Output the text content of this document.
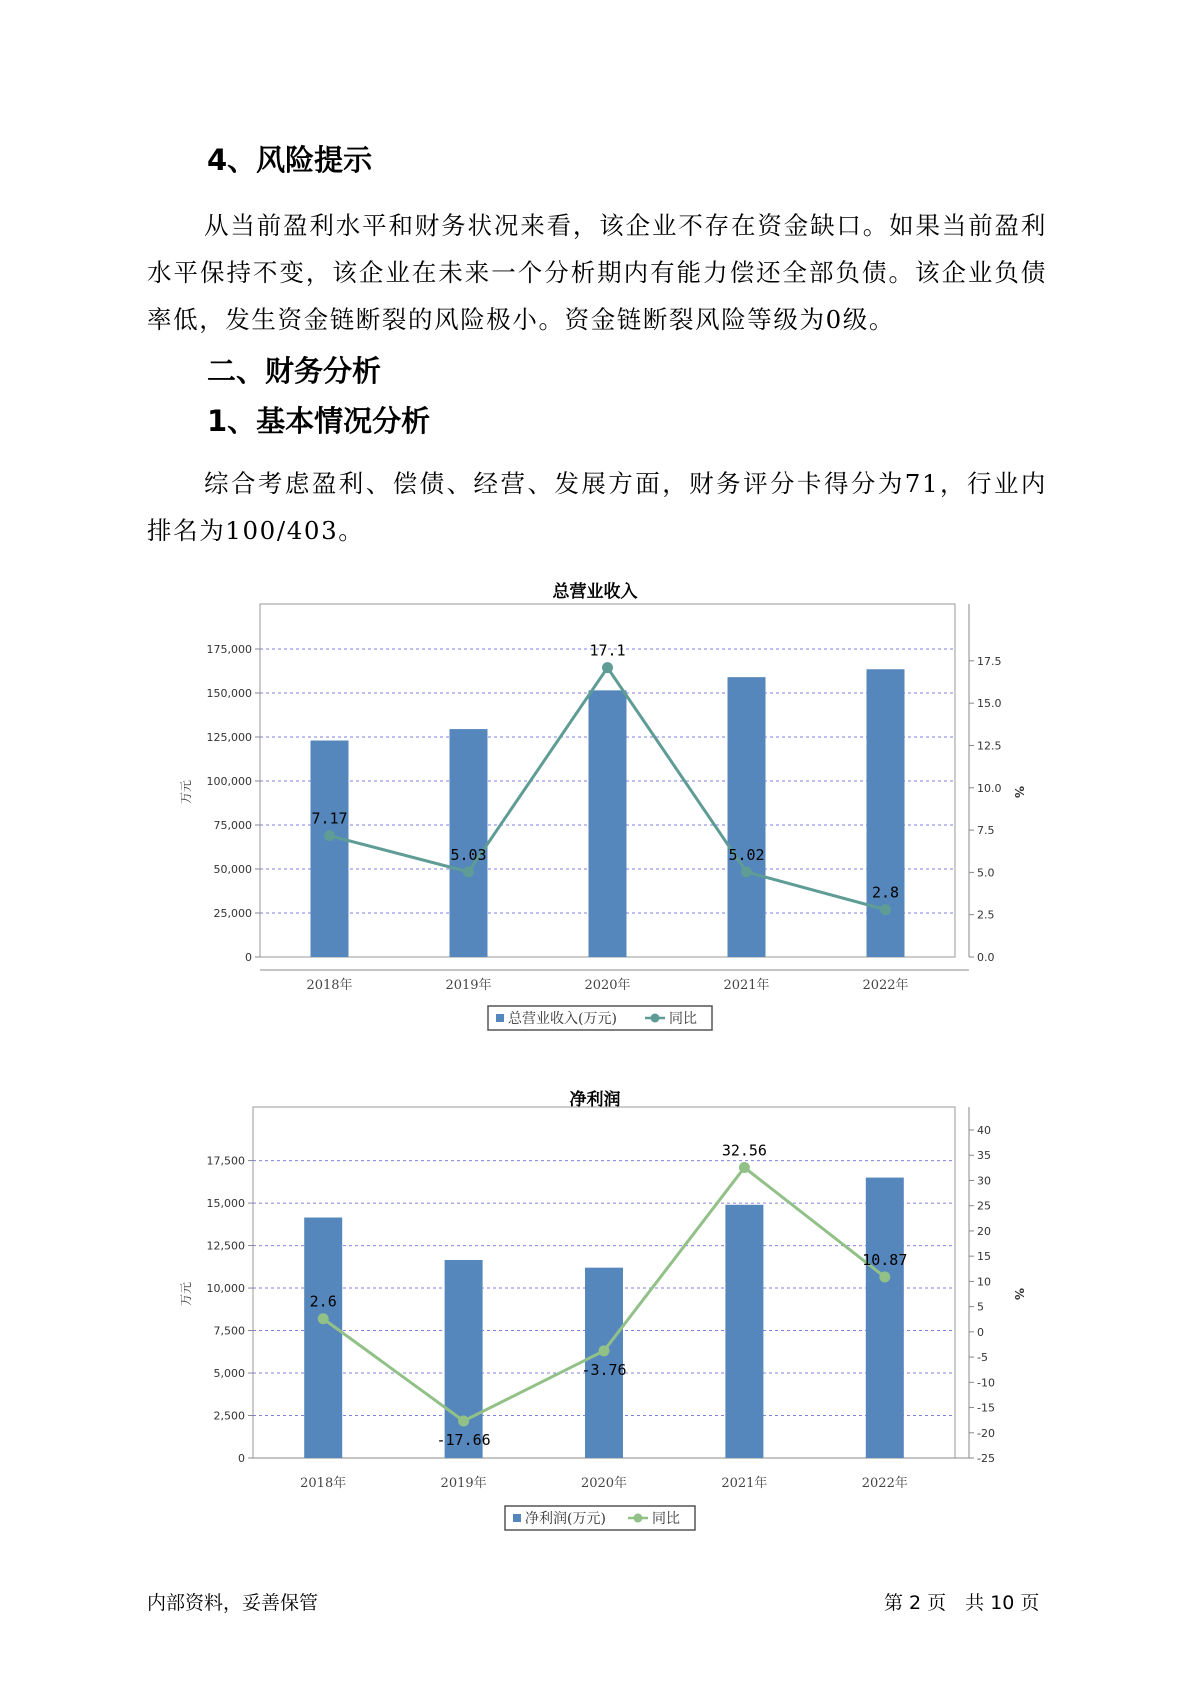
4、风险提示

从当前盈利水平和财务状况来看，该企业不存在资金缺口。如果当前盈利水平保持不变，该企业在未来一个分析期内有能力偿还全部负债。该企业负债率低，发生资金链断裂的风险极小。资金链断裂风险等级为0级。

二、财务分析
1、基本情况分析

综合考虑盈利、偿债、经营、发展方面，财务评分卡得分为71，行业内排名为100/403。

总营业收入
0
25,000
50,000
75,000
100,000
125,000
150,000
175,000
0.0
2.5
5.0
7.5
10.0
12.5
15.0
17.5
万元	%
2018年	2019年	2020年	2021年	2022年
7.17
5.03
17.1
5.02
2.8
总营业收入(万元)	同比
净利润
0
2,500
5,000
7,500
10,000
12,500
15,000
17,500
-25
-20
-15
-10
-5
0
5
10
15
20
25
30
35
40
万元	%
2018年	2019年	2020年	2021年	2022年
2.6
-17.66
-3.76
32.56
10.87
净利润(万元)	同比
内部资料，妥善保管	第 2 页　共 10 页
